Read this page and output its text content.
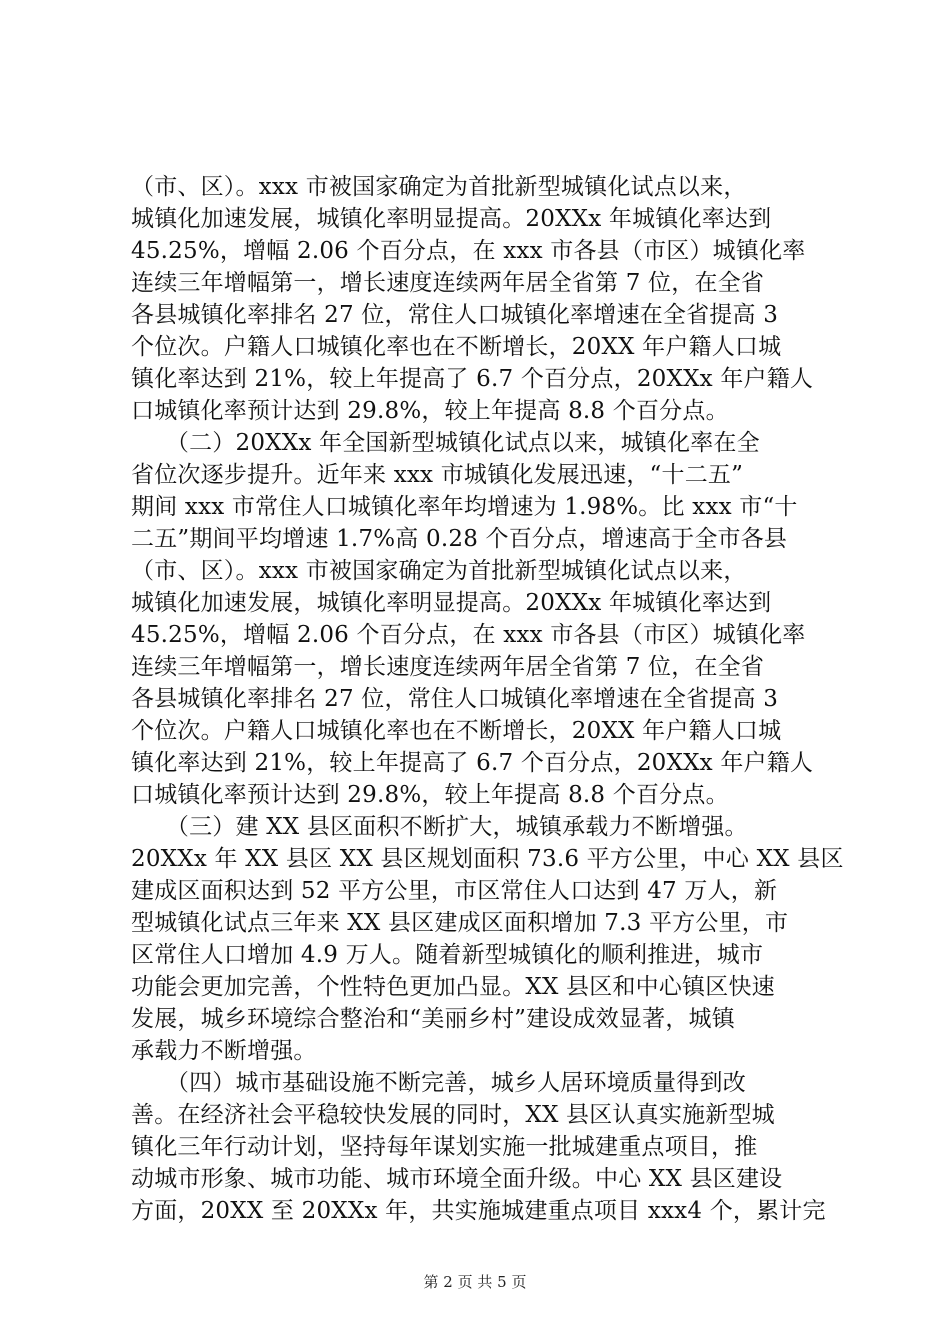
（市、区）。xxx 市被国家确定为首批新型城镇化试点以来，
城镇化加速发展，城镇化率明显提高。20XXx 年城镇化率达到
45.25%，增幅 2.06 个百分点，在 xxx 市各县（市区）城镇化率
连续三年增幅第一，增长速度连续两年居全省第 7 位，在全省
各县城镇化率排名 27 位，常住人口城镇化率增速在全省提高 3
个位次。户籍人口城镇化率也在不断增长，20XX 年户籍人口城
镇化率达到 21%，较上年提高了 6.7 个百分点，20XXx 年户籍人
口城镇化率预计达到 29.8%，较上年提高 8.8 个百分点。
　　（二）20XXx 年全国新型城镇化试点以来，城镇化率在全
省位次逐步提升。近年来 xxx 市城镇化发展迅速，“十二五”
期间 xxx 市常住人口城镇化率年均增速为 1.98%。比 xxx 市“十
二五”期间平均增速 1.7%高 0.28 个百分点，增速高于全市各县
（市、区）。xxx 市被国家确定为首批新型城镇化试点以来，
城镇化加速发展，城镇化率明显提高。20XXx 年城镇化率达到
45.25%，增幅 2.06 个百分点，在 xxx 市各县（市区）城镇化率
连续三年增幅第一，增长速度连续两年居全省第 7 位，在全省
各县城镇化率排名 27 位，常住人口城镇化率增速在全省提高 3
个位次。户籍人口城镇化率也在不断增长，20XX 年户籍人口城
镇化率达到 21%，较上年提高了 6.7 个百分点，20XXx 年户籍人
口城镇化率预计达到 29.8%，较上年提高 8.8 个百分点。
　　（三）建 XX 县区面积不断扩大，城镇承载力不断增强。
20XXx 年 XX 县区 XX 县区规划面积 73.6 平方公里，中心 XX 县区
建成区面积达到 52 平方公里，市区常住人口达到 47 万人，新
型城镇化试点三年来 XX 县区建成区面积增加 7.3 平方公里，市
区常住人口增加 4.9 万人。随着新型城镇化的顺利推进，城市
功能会更加完善，个性特色更加凸显。XX 县区和中心镇区快速
发展，城乡环境综合整治和“美丽乡村”建设成效显著，城镇
承载力不断增强。
　　（四）城市基础设施不断完善，城乡人居环境质量得到改
善。在经济社会平稳较快发展的同时，XX 县区认真实施新型城
镇化三年行动计划，坚持每年谋划实施一批城建重点项目，推
动城市形象、城市功能、城市环境全面升级。中心 XX 县区建设
方面，20XX 至 20XXx 年，共实施城建重点项目 xxx4 个，累计完
第 2 页 共 5 页
